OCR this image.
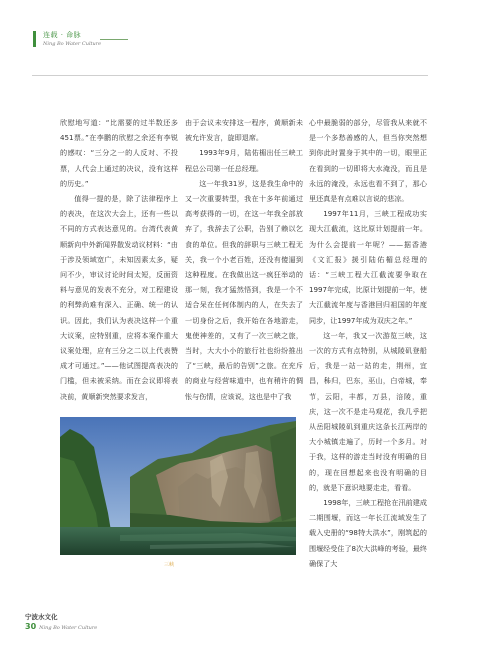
连载 · 命脉
Ning Bo Water Culture

欣慰地写道：“比需要的过半数还多451票。”在李鹏的欣慰之余还有李锐的感叹：“三分之一的人反对、不投票，人代会上通过的决议，没有这样的历史。”

值得一提的是，除了法律程序上的表决，在这次大会上，还有一些以不同的方式表达意见的。台湾代表黄顺新向中外新闻界散发动议材料：“由于涉及领域宽广，未知因素太多，疑问不少，审议讨论时间太短，反面资料与意见的发表不充分，对工程建设的利弊尚难有深入、正确、统一的认识。因此，我们认为表决这样一个重大议案，应特别重，应将本案作重大议案处理，应有三分之二以上代表赞成才可通过。”——他试图提高表决的门槛，但未被采纳。而在会议即将表决前，黄顺新突然要求发言，

由于会议未安排这一程序，黄顺新未被允许发言，旋即退席。

1993年9月，陆佑楣出任三峡工程总公司第一任总经理。

这一年我31岁，这是我生命中的又一次重要转型，我在十多年前通过高考获得的一切，在这一年我全部放弃了，我辞去了公职，告别了赖以乞食的单位。但我的辞职与三峡工程无关，我一个小老百姓，还没有傻逼到这种程度。在我做出这一疯狂举动的那一刻，我才猛然悟到，我是一个不适合呆在任何体制内的人，在失去了一切身份之后，我开始在各地游走，鬼使神差的，又有了一次三峡之旅，当时，大大小小的旅行社也纷纷推出了“三峡，最后的告别”之旅。在充斥的商业与经营味道中，也有稍许的惆怅与伤情，应该说，这也是中了我

心中最脆弱的部分，尽管我从来就不是一个多愁善感的人，但当你突然想到你此时置身于其中的一切，眼里正在看到的一切即将大水淹没，而且是永远的淹没，永远也看不到了，那心里还真是有点难以言说的悲凉。

1997年11月，三峡工程成功实现大江截流，这比原计划提前一年。为什么会提前一年呢？——据香港《文汇报》援引陆佑楣总经理的话：“三峡工程大江截流要争取在1997年完成，比原计划提前一年，使大江截流年度与香港回归祖国的年度同步，让1997年成为双庆之年。”

这一年，我又一次游览三峡，这一次的方式有点特别，从城陵矶登船后，我是一站一站的走，荆州，宜昌，秭归，巴东，巫山，白帝城，奉节，云阳，丰都，万县，涪陵，重庆，这一次不是走马观花，我几乎把从岳阳城陵矶到重庆这条长江两岸的大小城镇走遍了，历时一个多月。对于我，这样的游走当时没有明确的目的，现在回想起来也没有明确的目的，就是下意识地要走走，看看。

1998年，三峡工程抢在汛前建成二期围堰，而这一年长江流域发生了载入史册的“98特大洪水”，刚筑起的围堰经受住了8次大洪峰的考验，最终确保了大

三峡
宁波水文化
30 Ning Bo Water Culture
